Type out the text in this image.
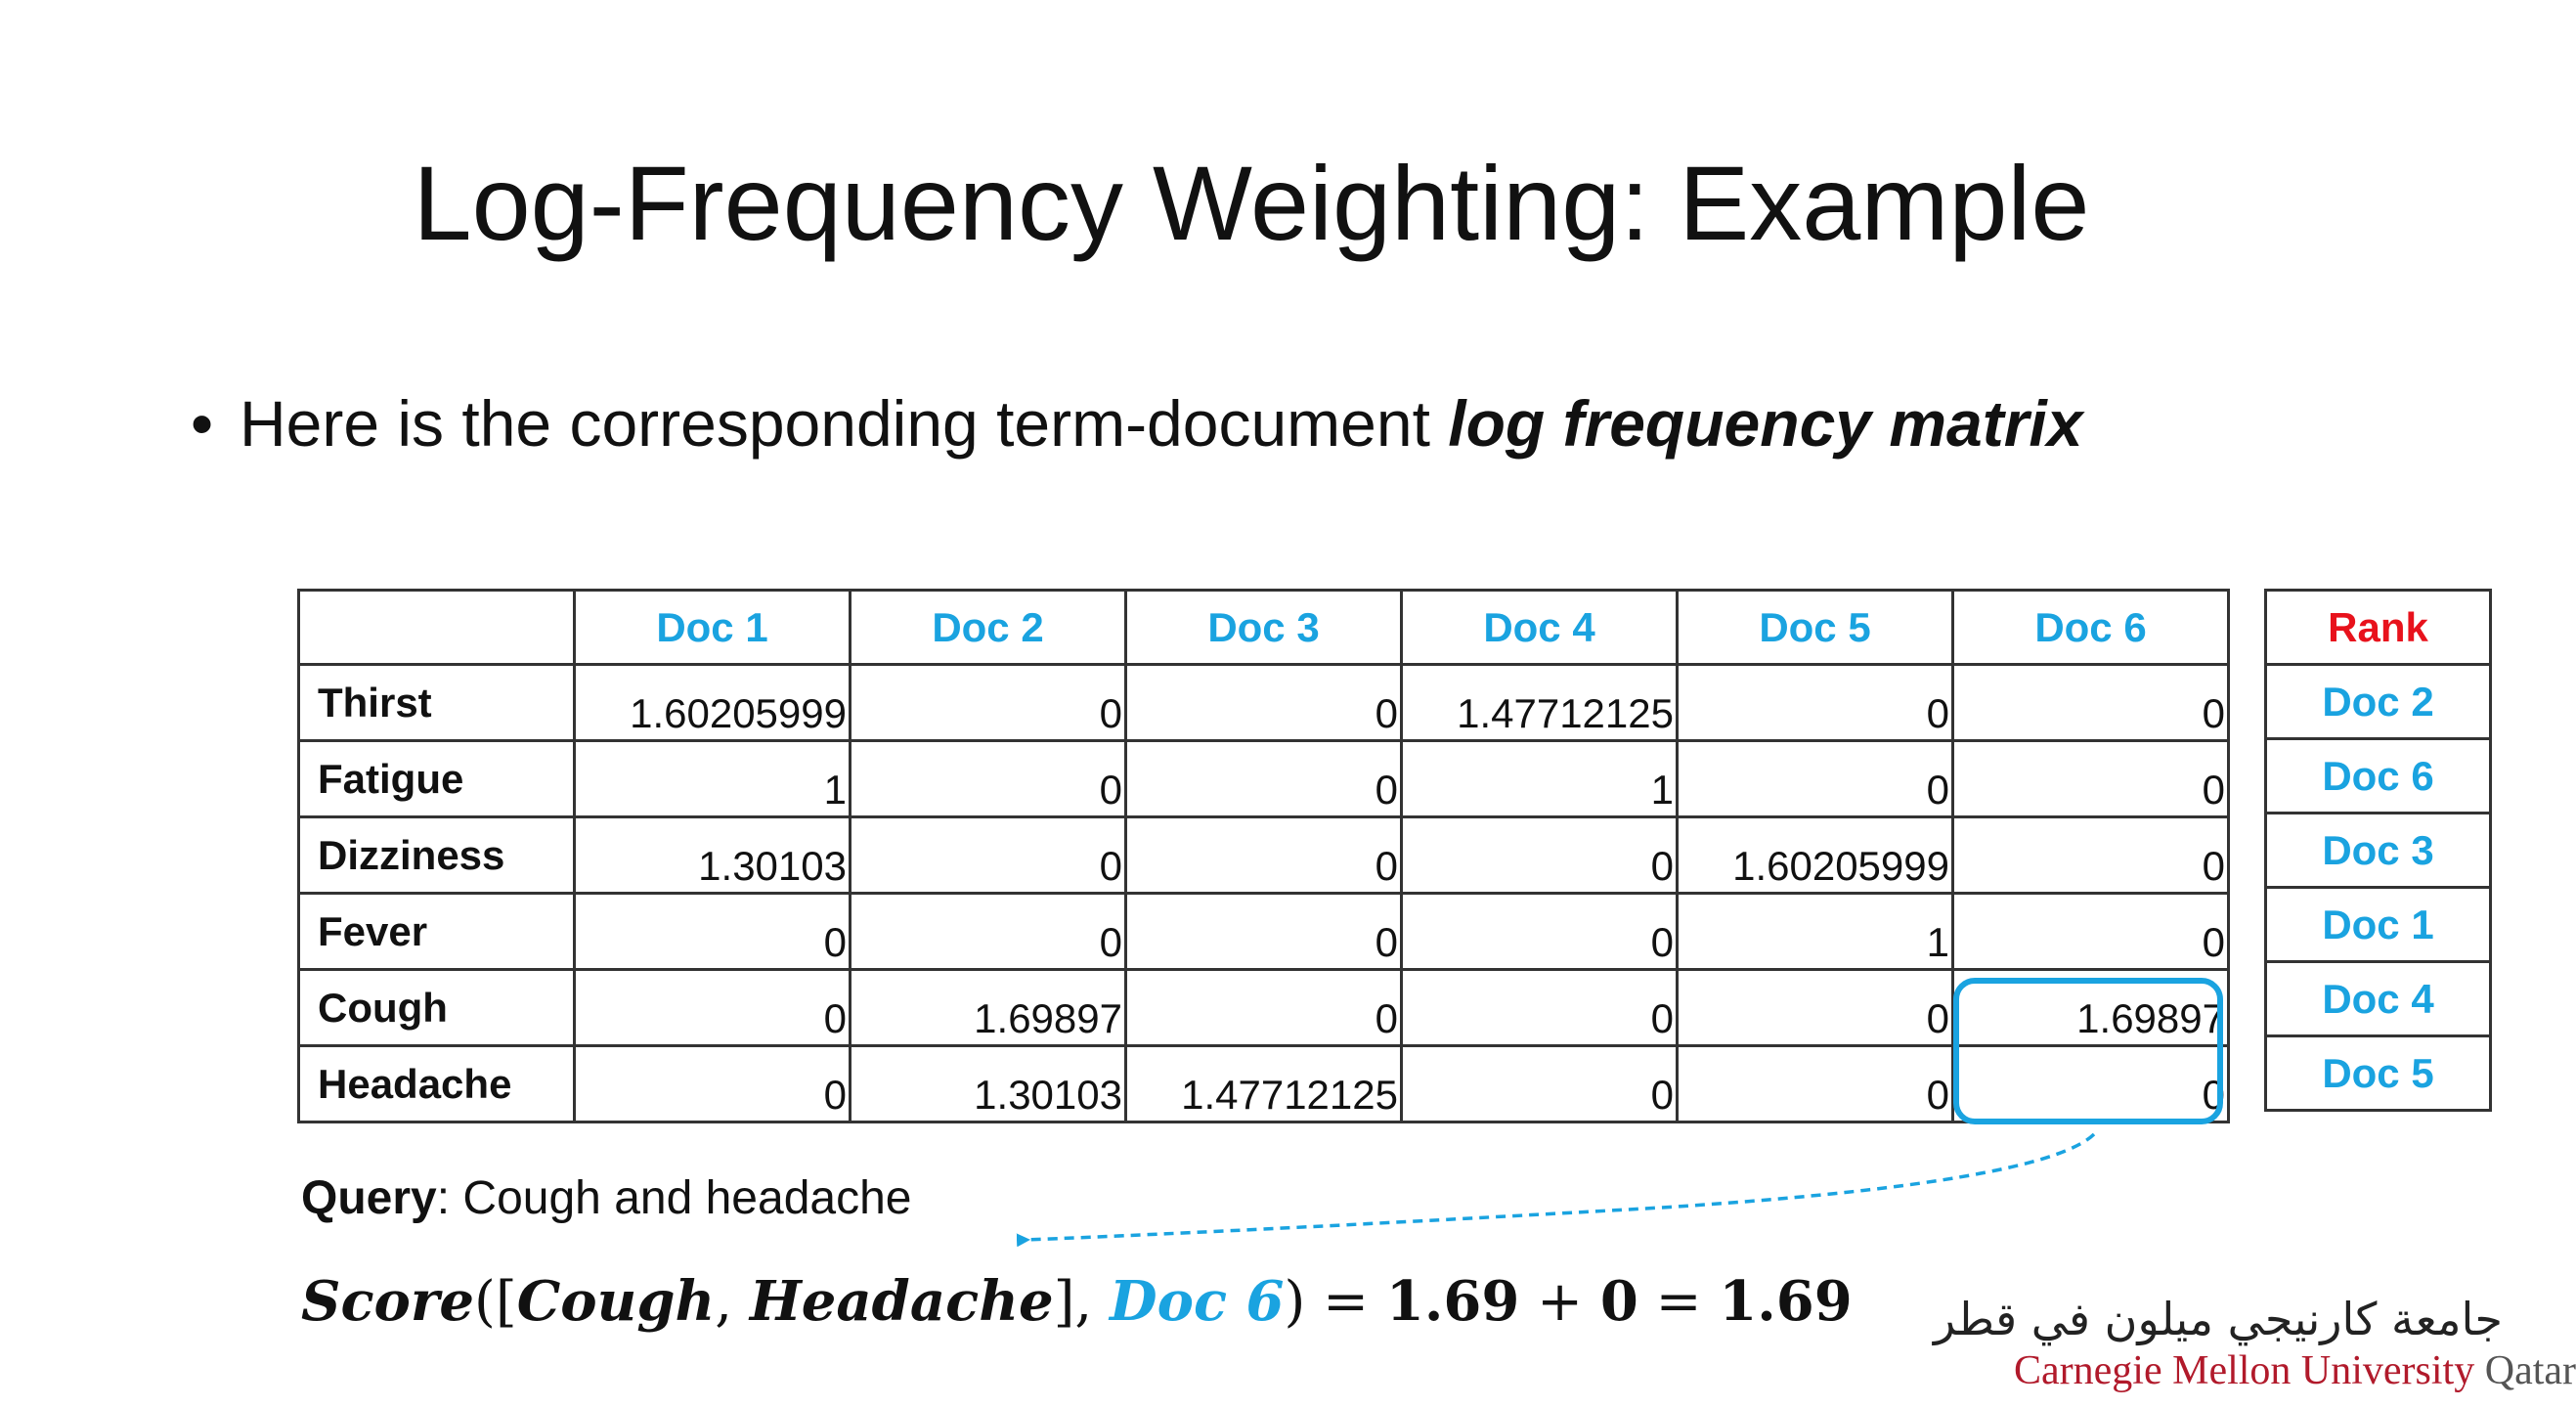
Log-Frequency Weighting: Example
• Here is the corresponding term-document log frequency matrix
	Doc 1	Doc 2	Doc 3	Doc 4	Doc 5	Doc 6
Thirst	1.60205999	0	0	1.47712125	0	0
Fatigue	1	0	0	1	0	0
Dizziness	1.30103	0	0	0	1.60205999	0
Fever	0	0	0	0	1	0
Cough	0	1.69897	0	0	0	1.69897
Headache	0	1.30103	1.47712125	0	0	0
Rank
Doc 2
Doc 6
Doc 3
Doc 1
Doc 4
Doc 5
Query: Cough and headache
Score([Cough, Headache], Doc 6) = 1.69 + 0 = 1.69 جامعة كارنيجي ميلون في قطر
Carnegie Mellon University Qatar
